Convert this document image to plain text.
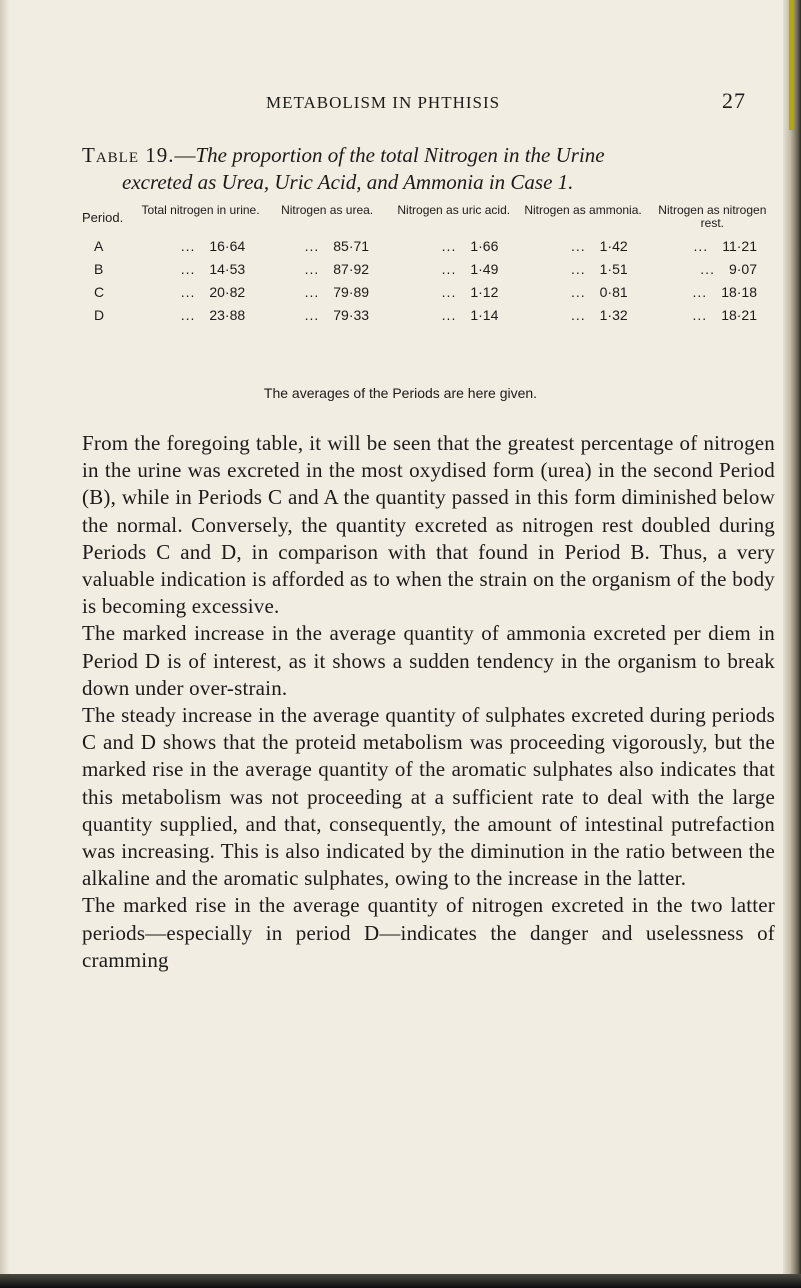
METABOLISM IN PHTHISIS	27
Table 19.—The proportion of the total Nitrogen in the Urine
excreted as Urea, Uric Acid, and Ammonia in Case 1.
Period.	Total nitrogen in urine.	Nitrogen as urea.	Nitrogen as uric acid.	Nitrogen as ammonia.	Nitrogen as nitrogen rest.
A	...  16·64	...  85·71	...  1·66	...  1·42	...  11·21
B	...  14·53	...  87·92	...  1·49	...  1·51	...  9·07
C	...  20·82	...  79·89	...  1·12	...  0·81	...  18·18
D	...  23·88	...  79·33	...  1·14	...  1·32	...  18·21
The averages of the Periods are here given.

From the foregoing table, it will be seen that the greatest percentage of nitrogen in the urine was excreted in the most oxydised form (urea) in the second Period (B), while in Periods C and A the quantity passed in this form diminished below the normal. Conversely, the quantity excreted as nitrogen rest doubled during Periods C and D, in comparison with that found in Period B. Thus, a very valuable indication is afforded as to when the strain on the organism of the body is becoming excessive.

The marked increase in the average quantity of ammonia excreted per diem in Period D is of interest, as it shows a sudden tendency in the organism to break down under over-strain.

The steady increase in the average quantity of sulphates excreted during periods C and D shows that the proteid metabolism was proceeding vigorously, but the marked rise in the average quantity of the aromatic sulphates also indicates that this metabolism was not proceeding at a sufficient rate to deal with the large quantity supplied, and that, consequently, the amount of intestinal putrefaction was increasing. This is also indicated by the diminution in the ratio between the alkaline and the aromatic sulphates, owing to the increase in the latter.

The marked rise in the average quantity of nitrogen excreted in the two latter periods—especially in period D—indicates the danger and uselessness of cramming
